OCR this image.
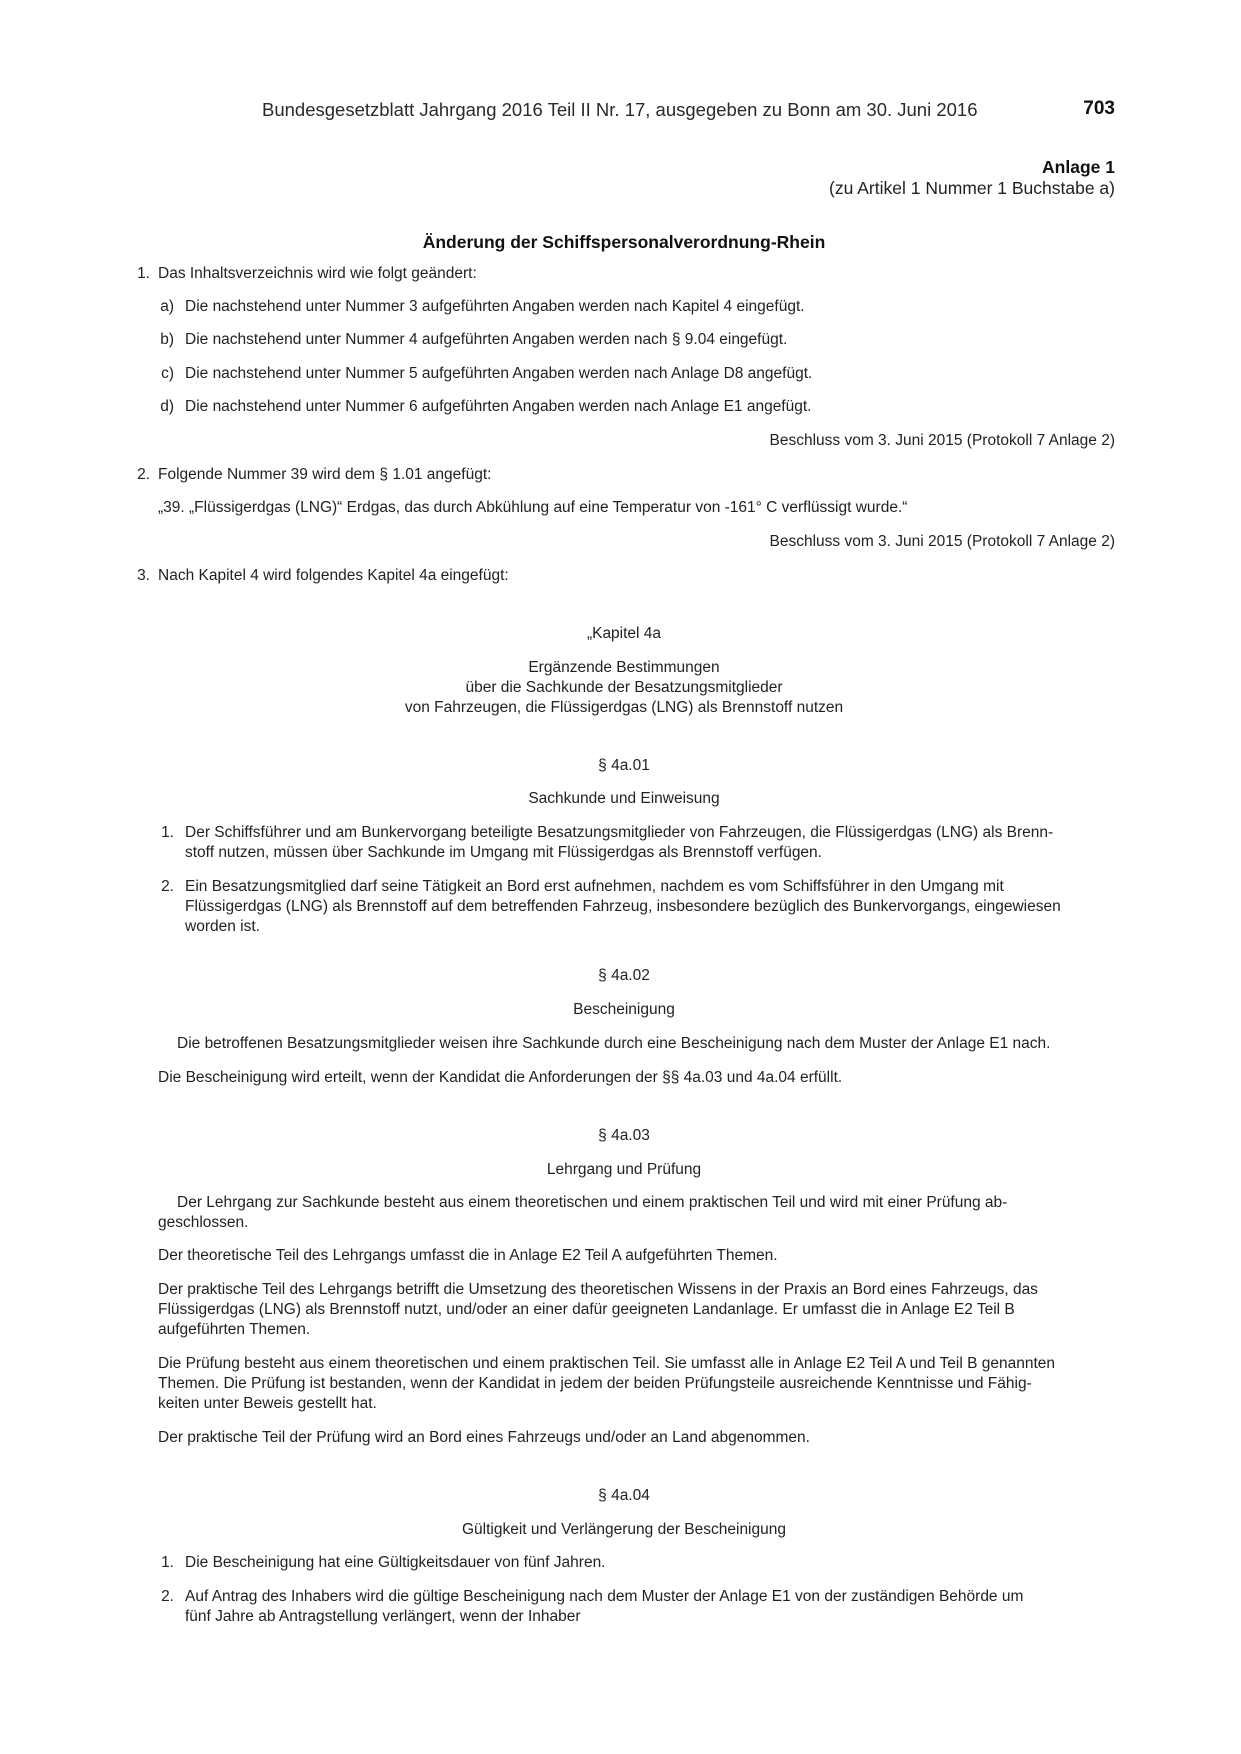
Bundesgesetzblatt Jahrgang 2016 Teil II Nr. 17, ausgegeben zu Bonn am 30. Juni 2016	703
Anlage 1
(zu Artikel 1 Nummer 1 Buchstabe a)
Änderung der Schiffspersonalverordnung-Rhein
1. Das Inhaltsverzeichnis wird wie folgt geändert:
a) Die nachstehend unter Nummer 3 aufgeführten Angaben werden nach Kapitel 4 eingefügt.
b) Die nachstehend unter Nummer 4 aufgeführten Angaben werden nach § 9.04 eingefügt.
c) Die nachstehend unter Nummer 5 aufgeführten Angaben werden nach Anlage D8 angefügt.
d) Die nachstehend unter Nummer 6 aufgeführten Angaben werden nach Anlage E1 angefügt.
Beschluss vom 3. Juni 2015 (Protokoll 7 Anlage 2)
2. Folgende Nummer 39 wird dem § 1.01 angefügt:
„39. „Flüssigerdgas (LNG)“ Erdgas, das durch Abkühlung auf eine Temperatur von -161° C verflüssigt wurde.“
Beschluss vom 3. Juni 2015 (Protokoll 7 Anlage 2)
3. Nach Kapitel 4 wird folgendes Kapitel 4a eingefügt:
„Kapitel 4a
Ergänzende Bestimmungen
über die Sachkunde der Besatzungsmitglieder
von Fahrzeugen, die Flüssigerdgas (LNG) als Brennstoff nutzen
§ 4a.01
Sachkunde und Einweisung
1. Der Schiffsführer und am Bunkervorgang beteiligte Besatzungsmitglieder von Fahrzeugen, die Flüssigerdgas (LNG) als Brenn-
stoff nutzen, müssen über Sachkunde im Umgang mit Flüssigerdgas als Brennstoff verfügen.
2. Ein Besatzungsmitglied darf seine Tätigkeit an Bord erst aufnehmen, nachdem es vom Schiffsführer in den Umgang mit
Flüssigerdgas (LNG) als Brennstoff auf dem betreffenden Fahrzeug, insbesondere bezüglich des Bunkervorgangs, eingewiesen
worden ist.
§ 4a.02
Bescheinigung
Die betroffenen Besatzungsmitglieder weisen ihre Sachkunde durch eine Bescheinigung nach dem Muster der Anlage E1 nach.
Die Bescheinigung wird erteilt, wenn der Kandidat die Anforderungen der §§ 4a.03 und 4a.04 erfüllt.
§ 4a.03
Lehrgang und Prüfung
Der Lehrgang zur Sachkunde besteht aus einem theoretischen und einem praktischen Teil und wird mit einer Prüfung ab-
geschlossen.
Der theoretische Teil des Lehrgangs umfasst die in Anlage E2 Teil A aufgeführten Themen.
Der praktische Teil des Lehrgangs betrifft die Umsetzung des theoretischen Wissens in der Praxis an Bord eines Fahrzeugs, das
Flüssigerdgas (LNG) als Brennstoff nutzt, und/oder an einer dafür geeigneten Landanlage. Er umfasst die in Anlage E2 Teil B
aufgeführten Themen.
Die Prüfung besteht aus einem theoretischen und einem praktischen Teil. Sie umfasst alle in Anlage E2 Teil A und Teil B genannten
Themen. Die Prüfung ist bestanden, wenn der Kandidat in jedem der beiden Prüfungsteile ausreichende Kenntnisse und Fähig-
keiten unter Beweis gestellt hat.
Der praktische Teil der Prüfung wird an Bord eines Fahrzeugs und/oder an Land abgenommen.
§ 4a.04
Gültigkeit und Verlängerung der Bescheinigung
1. Die Bescheinigung hat eine Gültigkeitsdauer von fünf Jahren.
2. Auf Antrag des Inhabers wird die gültige Bescheinigung nach dem Muster der Anlage E1 von der zuständigen Behörde um
fünf Jahre ab Antragstellung verlängert, wenn der Inhaber
